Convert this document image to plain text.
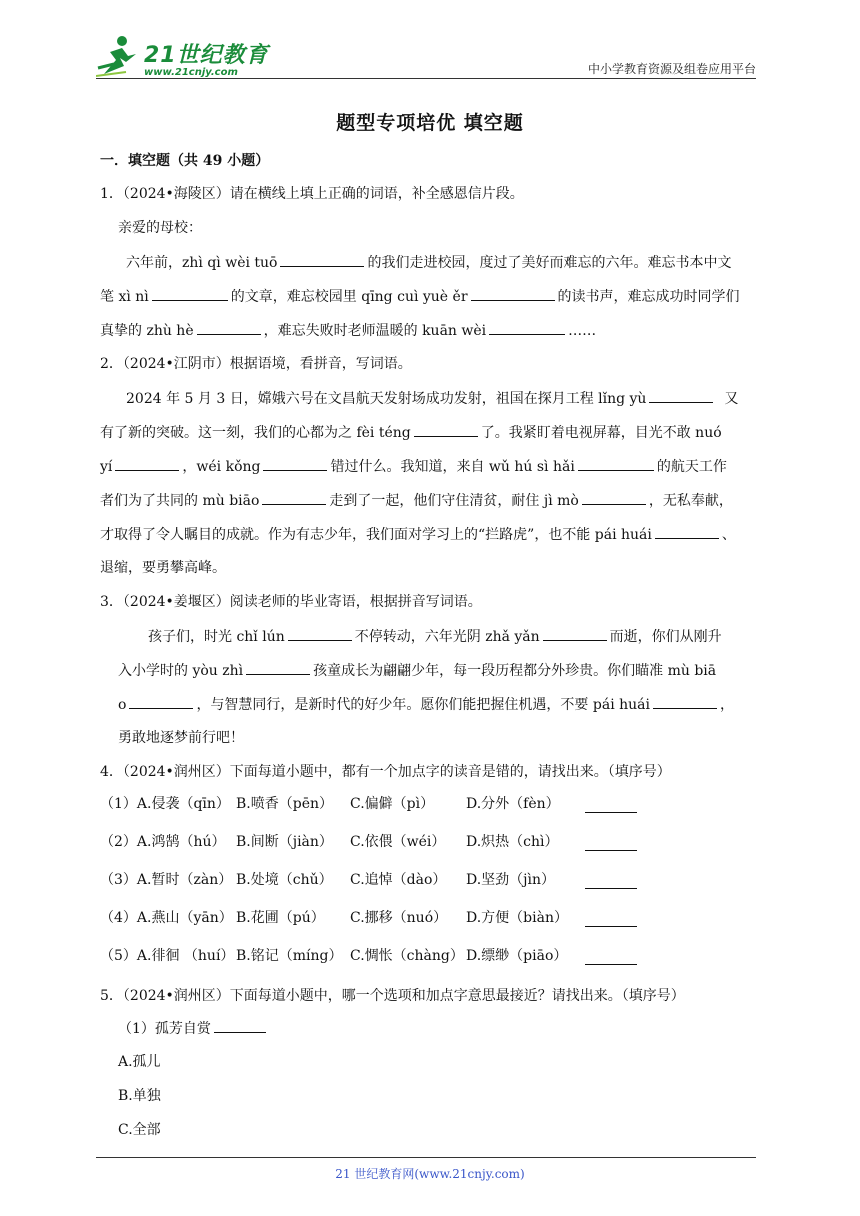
21世纪教育
www.21cnjy.com	中小学教育资源及组卷应用平台
题型专项培优 填空题
一．填空题（共 49 小题）
1．（2024•海陵区）请在横线上填上正确的词语，补全感恩信片段。
亲爱的母校：
六年前，zhì qì wèi tuō	的我们走进校园，度过了美好而难忘的六年。难忘书本中文
笔 xì nì	的文章，难忘校园里 qīng cuì yuè ěr	的读书声，难忘成功时同学们
真挚的 zhù hè	，难忘失败时老师温暖的 kuān wèi	……
2．（2024•江阴市）根据语境，看拼音，写词语。
2024 年 5 月 3 日，嫦娥六号在文昌航天发射场成功发射，祖国在探月工程 lǐng yù	又
有了新的突破。这一刻，我们的心都为之 fèi téng	了。我紧盯着电视屏幕，目光不敢 nuó
yí	，wéi kǒng	错过什么。我知道，来自 wǔ hú sì hǎi	的航天工作
者们为了共同的 mù biāo	走到了一起，他们守住清贫，耐住 jì mò	，无私奉献，
才取得了令人瞩目的成就。作为有志少年，我们面对学习上的“拦路虎”，也不能 pái huái	、
退缩，要勇攀高峰。
3．（2024•姜堰区）阅读老师的毕业寄语，根据拼音写词语。
孩子们，时光 chǐ lún	不停转动，六年光阴 zhǎ yǎn	而逝，你们从刚升
入小学时的 yòu zhì	孩童成长为翩翩少年，每一段历程都分外珍贵。你们瞄准 mù biā
o	，与智慧同行，是新时代的好少年。愿你们能把握住机遇，不要 pái huái	，
勇敢地逐梦前行吧！
4．（2024•润州区）下面每道小题中，都有一个加点字的读音是错的，请找出来。（填序号）
（1）A.侵袭（qīn） B.喷香（pēn） C.偏僻（pì） D.分外（fèn）
（2）A.鸿鹄（hú） B.间断（jiàn） C.依偎（wéi） D.炽热（chì）
（3）A.暂时（zàn） B.处境（chǔ） C.追悼（dào） D.坚劲（jìn）
（4）A.燕山（yān） B.花圃（pú） C.挪移（nuó） D.方便（biàn）
（5）A.徘徊 （huí） B.铭记（míng） C.惆怅（chàng） D.缥缈（piāo）
5．（2024•润州区）下面每道小题中，哪一个选项和加点字意思最接近？请找出来。（填序号）
（1）孤芳自赏
A.孤儿
B.单独
C.全部
21 世纪教育网(www.21cnjy.com)
